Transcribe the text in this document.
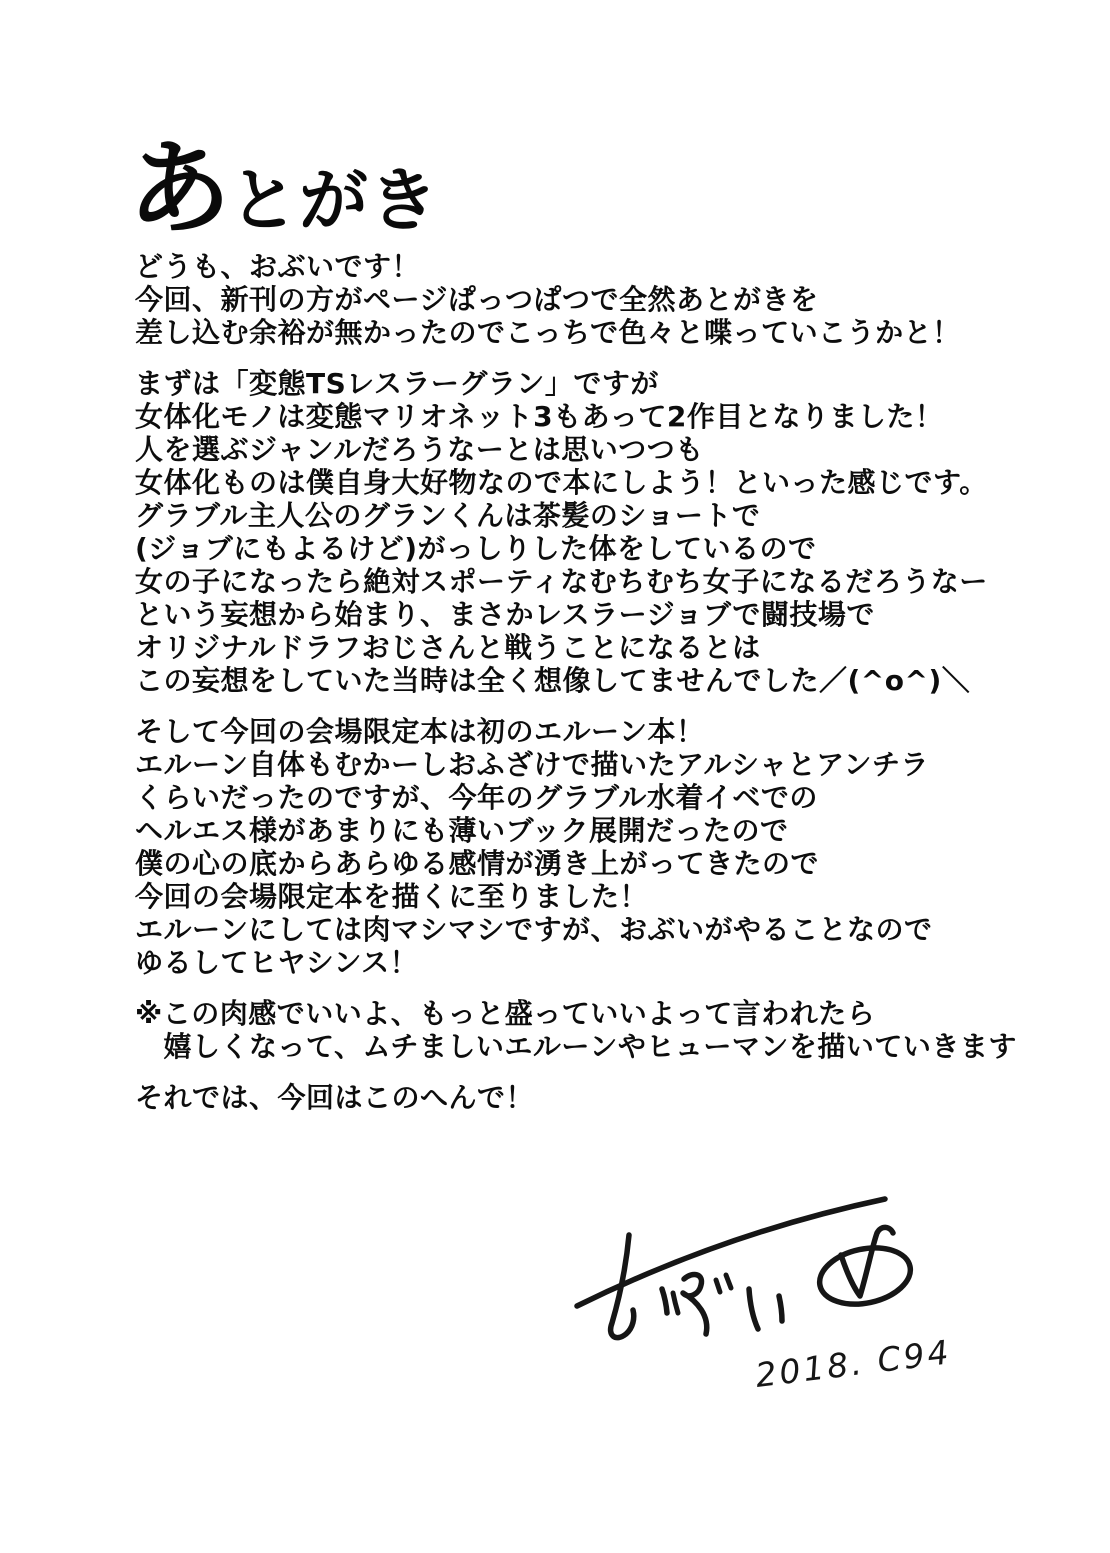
あ とがき

どうも、おぶいです！
今回、新刊の方がページぱっつぱつで全然あとがきを
差し込む余裕が無かったのでこっちで色々と喋っていこうかと！

まずは「変態TSレスラーグラン」ですが
女体化モノは変態マリオネット3もあって2作目となりました！
人を選ぶジャンルだろうなーとは思いつつも
女体化ものは僕自身大好物なので本にしよう！といった感じです。
グラブル主人公のグランくんは茶髪のショートで
(ジョブにもよるけど)がっしりした体をしているので
女の子になったら絶対スポーティなむちむち女子になるだろうなー
という妄想から始まり、まさかレスラージョブで闘技場で
オリジナルドラフおじさんと戦うことになるとは
この妄想をしていた当時は全く想像してませんでした／(^o^)＼

そして今回の会場限定本は初のエルーン本！
エルーン自体もむかーしおふざけで描いたアルシャとアンチラ
くらいだったのですが、今年のグラブル水着イベでの
ヘルエス様があまりにも薄いブック展開だったので
僕の心の底からあらゆる感情が湧き上がってきたので
今回の会場限定本を描くに至りました！
エルーンにしては肉マシマシですが、おぶいがやることなので
ゆるしてヒヤシンス！

※この肉感でいいよ、もっと盛っていいよって言われたら
　嬉しくなって、ムチましいエルーンやヒューマンを描いていきます

それでは、今回はこのへんで！

2018. C94
